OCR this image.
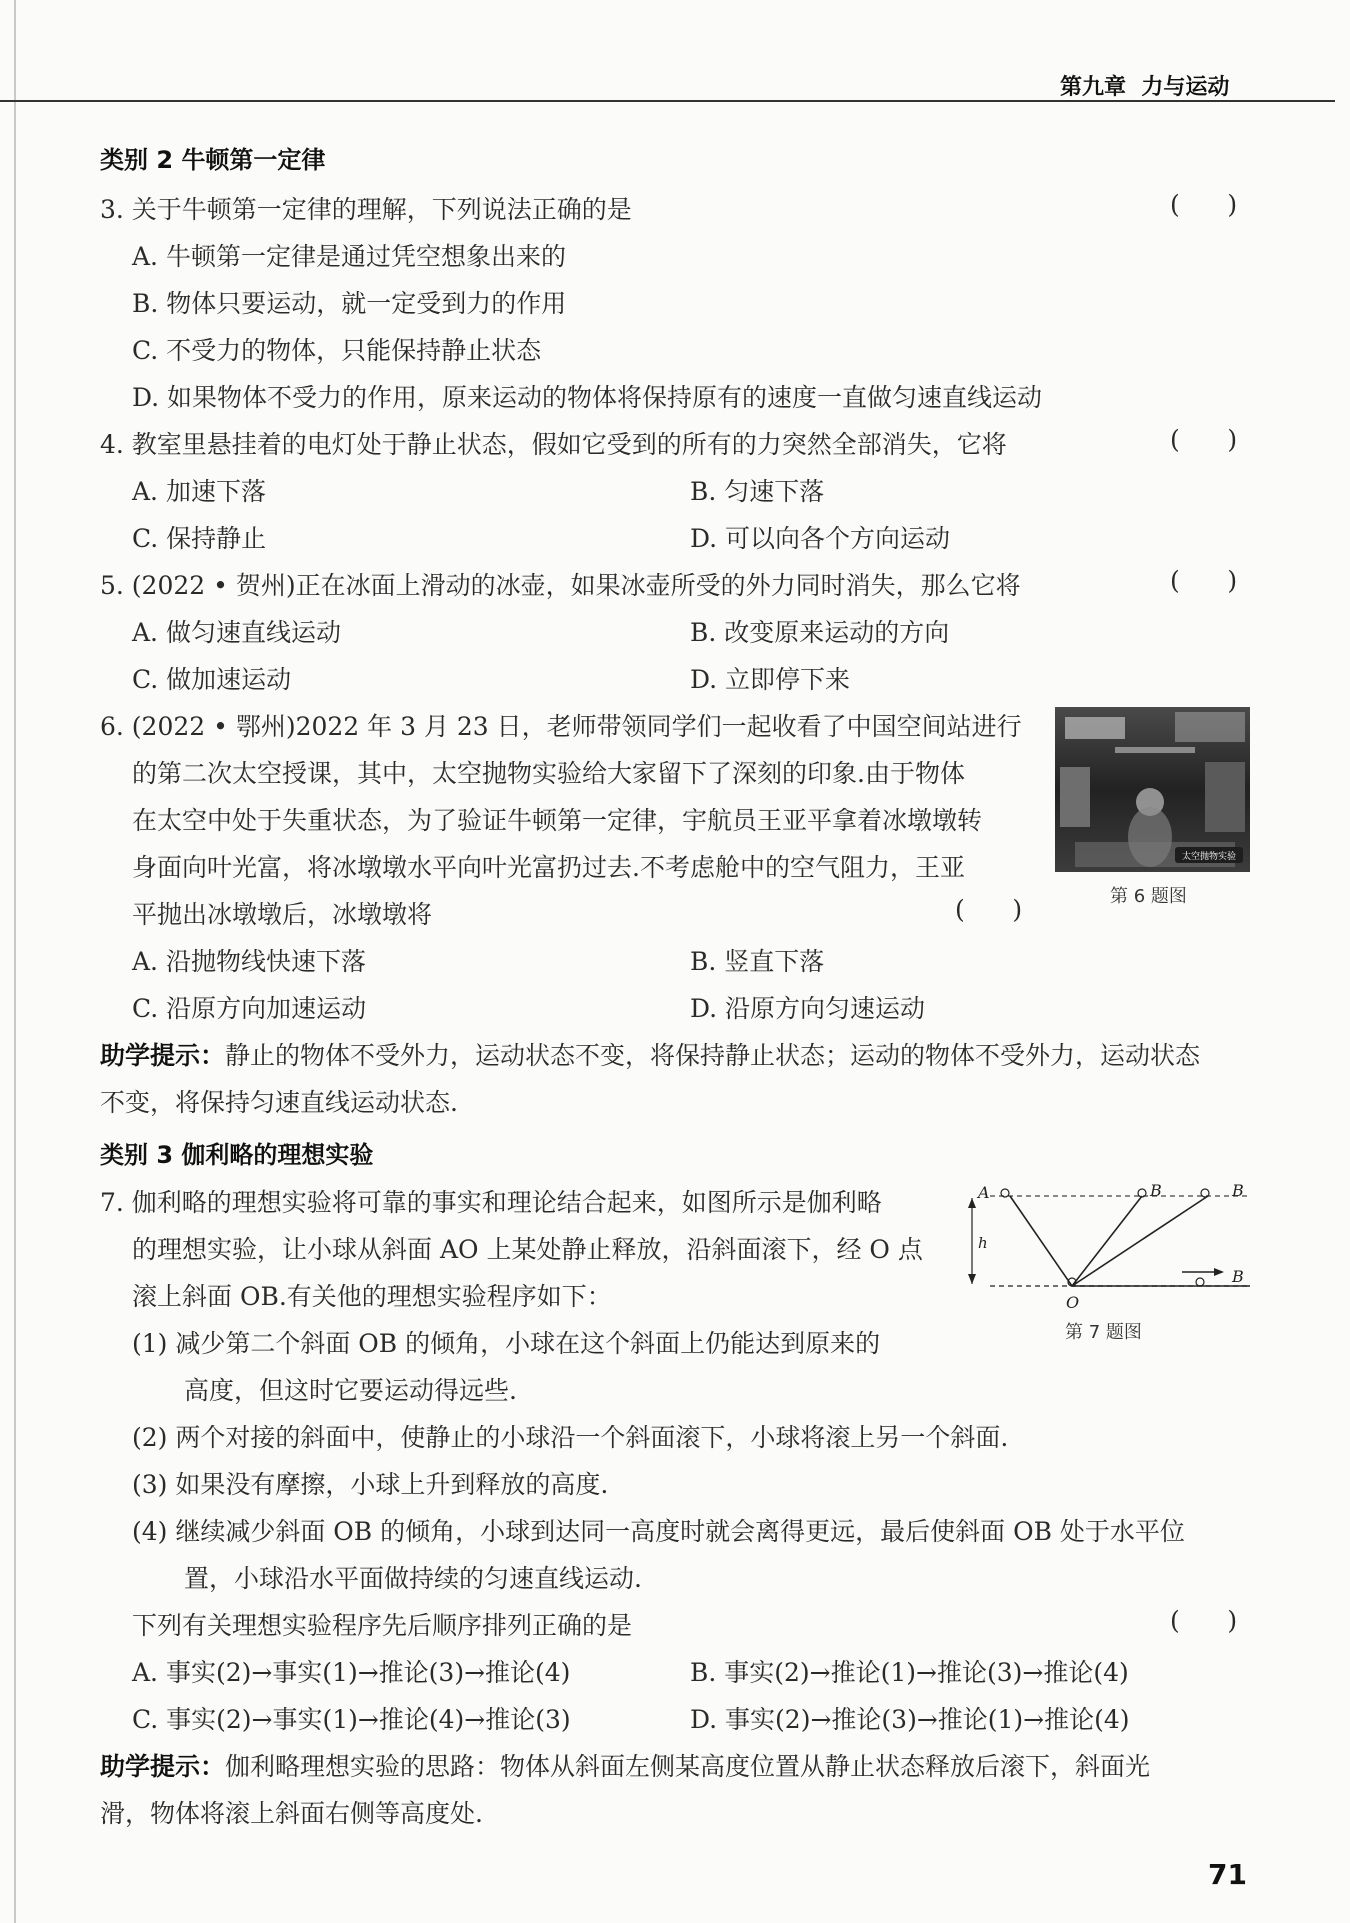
第九章 力与运动
类别 2 牛顿第一定律
3. 关于牛顿第一定律的理解，下列说法正确的是	(      )
A. 牛顿第一定律是通过凭空想象出来的
B. 物体只要运动，就一定受到力的作用
C. 不受力的物体，只能保持静止状态
D. 如果物体不受力的作用，原来运动的物体将保持原有的速度一直做匀速直线运动
4. 教室里悬挂着的电灯处于静止状态，假如它受到的所有的力突然全部消失，它将	(      )
A. 加速下落	B. 匀速下落
C. 保持静止	D. 可以向各个方向运动
5. (2022 • 贺州)正在冰面上滑动的冰壶，如果冰壶所受的外力同时消失，那么它将	(      )
A. 做匀速直线运动	B. 改变原来运动的方向
C. 做加速运动	D. 立即停下来
6. (2022 • 鄂州)2022 年 3 月 23 日，老师带领同学们一起收看了中国空间站进行
的第二次太空授课，其中，太空抛物实验给大家留下了深刻的印象.由于物体
在太空中处于失重状态，为了验证牛顿第一定律，宇航员王亚平拿着冰墩墩转
身面向叶光富，将冰墩墩水平向叶光富扔过去.不考虑舱中的空气阻力，王亚
平抛出冰墩墩后，冰墩墩将	(      )
太空抛物实验
第 6 题图
A. 沿抛物线快速下落	B. 竖直下落
C. 沿原方向加速运动	D. 沿原方向匀速运动
助学提示：静止的物体不受外力，运动状态不变，将保持静止状态；运动的物体不受外力，运动状态
不变，将保持匀速直线运动状态.
类别 3 伽利略的理想实验
7. 伽利略的理想实验将可靠的事实和理论结合起来，如图所示是伽利略
的理想实验，让小球从斜面 AO 上某处静止释放，沿斜面滚下，经 O 点
滚上斜面 OB.有关他的理想实验程序如下：
A
h
O
B	B
B
第 7 题图
(1) 减少第二个斜面 OB 的倾角，小球在这个斜面上仍能达到原来的
高度，但这时它要运动得远些.
(2) 两个对接的斜面中，使静止的小球沿一个斜面滚下，小球将滚上另一个斜面.
(3) 如果没有摩擦，小球上升到释放的高度.
(4) 继续减少斜面 OB 的倾角，小球到达同一高度时就会离得更远，最后使斜面 OB 处于水平位
置，小球沿水平面做持续的匀速直线运动.
下列有关理想实验程序先后顺序排列正确的是	(      )
A. 事实(2)→事实(1)→推论(3)→推论(4)	B. 事实(2)→推论(1)→推论(3)→推论(4)
C. 事实(2)→事实(1)→推论(4)→推论(3)	D. 事实(2)→推论(3)→推论(1)→推论(4)
助学提示：伽利略理想实验的思路：物体从斜面左侧某高度位置从静止状态释放后滚下，斜面光
滑，物体将滚上斜面右侧等高度处.
71
